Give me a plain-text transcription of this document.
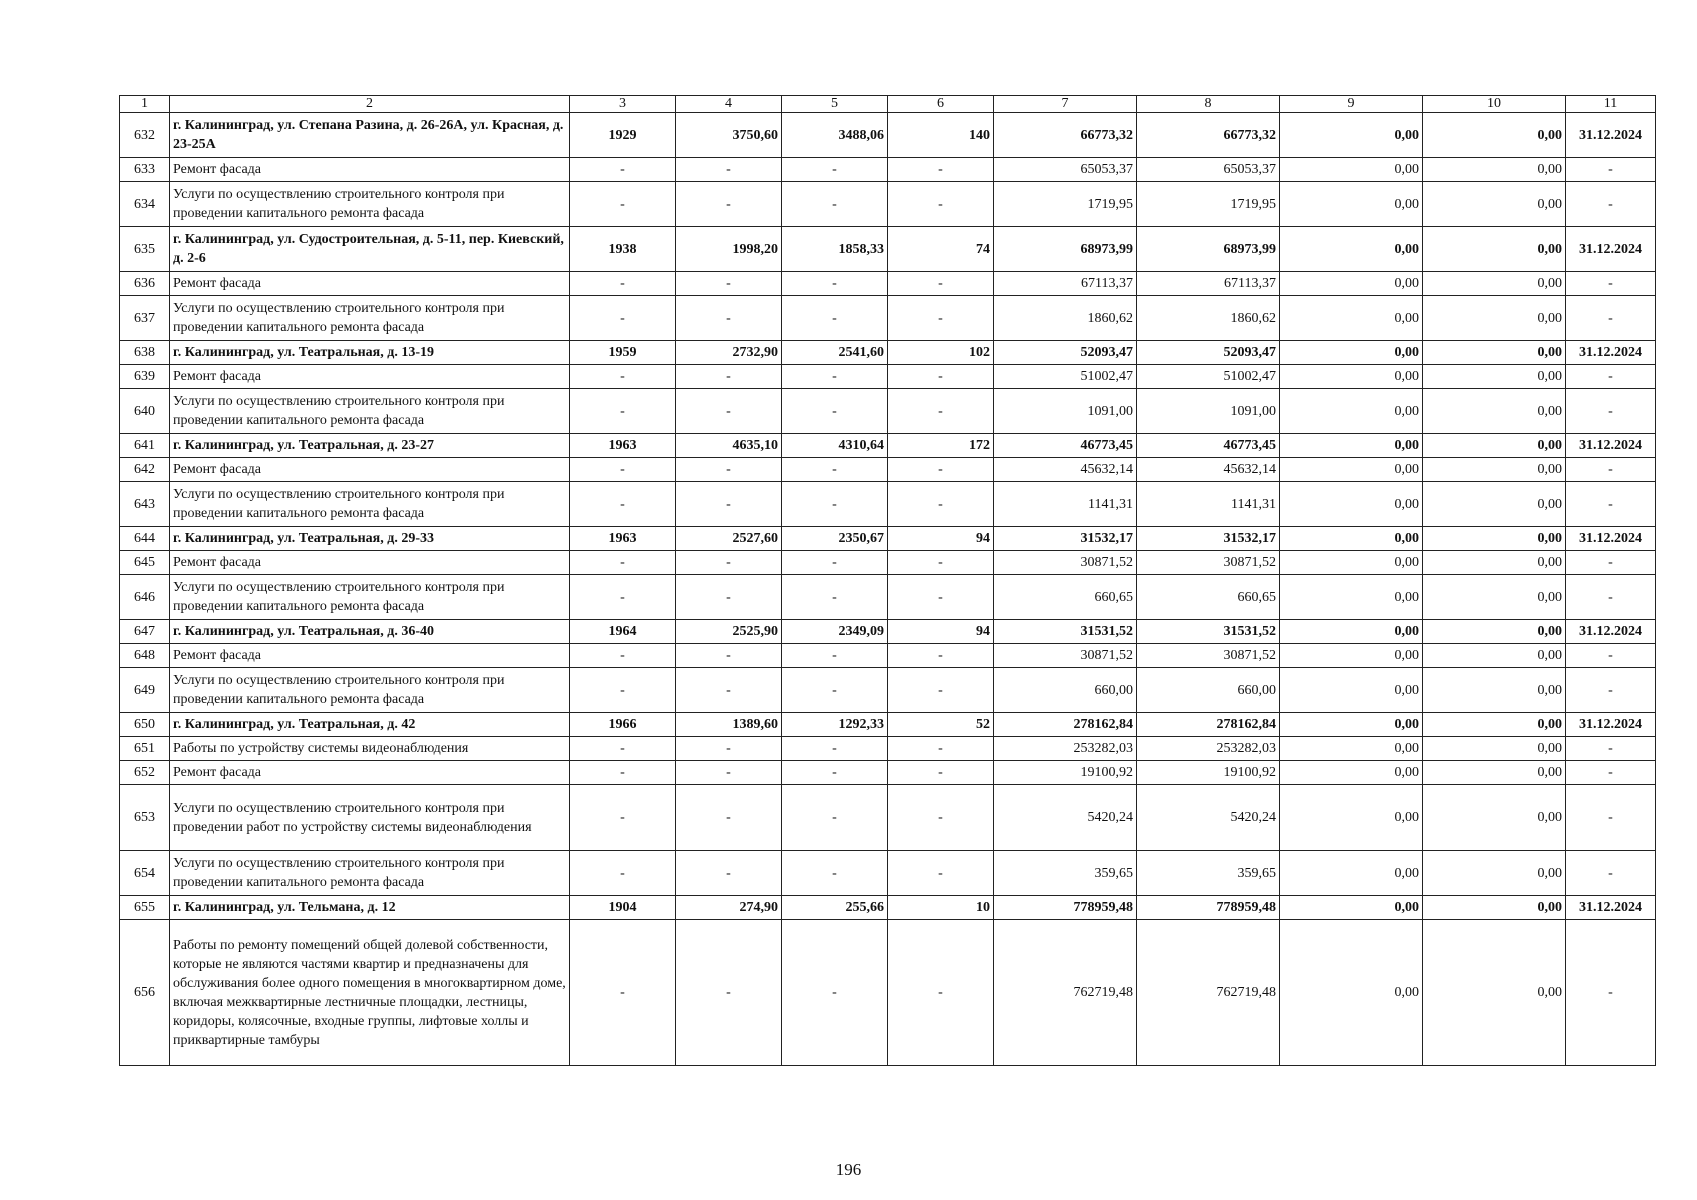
1	2	3	4	5	6	7	8	9	10	11
632	г. Калининград, ул. Степана Разина, д. 26-26А, ул. Красная, д. 23-25А	1929	3750,60	3488,06	140	66773,32	66773,32	0,00	0,00	31.12.2024
633	Ремонт фасада	-	-	-	-	65053,37	65053,37	0,00	0,00	-
634	Услуги по осуществлению строительного контроля при проведении капитального ремонта фасада	-	-	-	-	1719,95	1719,95	0,00	0,00	-
635	г. Калининград, ул. Судостроительная, д. 5-11, пер. Киевский, д. 2-6	1938	1998,20	1858,33	74	68973,99	68973,99	0,00	0,00	31.12.2024
636	Ремонт фасада	-	-	-	-	67113,37	67113,37	0,00	0,00	-
637	Услуги по осуществлению строительного контроля при проведении капитального ремонта фасада	-	-	-	-	1860,62	1860,62	0,00	0,00	-
638	г. Калининград, ул. Театральная, д. 13-19	1959	2732,90	2541,60	102	52093,47	52093,47	0,00	0,00	31.12.2024
639	Ремонт фасада	-	-	-	-	51002,47	51002,47	0,00	0,00	-
640	Услуги по осуществлению строительного контроля при проведении капитального ремонта фасада	-	-	-	-	1091,00	1091,00	0,00	0,00	-
641	г. Калининград, ул. Театральная, д. 23-27	1963	4635,10	4310,64	172	46773,45	46773,45	0,00	0,00	31.12.2024
642	Ремонт фасада	-	-	-	-	45632,14	45632,14	0,00	0,00	-
643	Услуги по осуществлению строительного контроля при проведении капитального ремонта фасада	-	-	-	-	1141,31	1141,31	0,00	0,00	-
644	г. Калининград, ул. Театральная, д. 29-33	1963	2527,60	2350,67	94	31532,17	31532,17	0,00	0,00	31.12.2024
645	Ремонт фасада	-	-	-	-	30871,52	30871,52	0,00	0,00	-
646	Услуги по осуществлению строительного контроля при проведении капитального ремонта фасада	-	-	-	-	660,65	660,65	0,00	0,00	-
647	г. Калининград, ул. Театральная, д. 36-40	1964	2525,90	2349,09	94	31531,52	31531,52	0,00	0,00	31.12.2024
648	Ремонт фасада	-	-	-	-	30871,52	30871,52	0,00	0,00	-
649	Услуги по осуществлению строительного контроля при проведении капитального ремонта фасада	-	-	-	-	660,00	660,00	0,00	0,00	-
650	г. Калининград, ул. Театральная, д. 42	1966	1389,60	1292,33	52	278162,84	278162,84	0,00	0,00	31.12.2024
651	Работы по устройству системы видеонаблюдения	-	-	-	-	253282,03	253282,03	0,00	0,00	-
652	Ремонт фасада	-	-	-	-	19100,92	19100,92	0,00	0,00	-
653	Услуги по осуществлению строительного контроля при проведении работ по устройству системы видеонаблюдения	-	-	-	-	5420,24	5420,24	0,00	0,00	-
654	Услуги по осуществлению строительного контроля при проведении капитального ремонта фасада	-	-	-	-	359,65	359,65	0,00	0,00	-
655	г. Калининград, ул. Тельмана, д. 12	1904	274,90	255,66	10	778959,48	778959,48	0,00	0,00	31.12.2024
656	Работы по ремонту помещений общей долевой собственности, которые не являются частями квартир и предназначены для обслуживания более одного помещения в многоквартирном доме, включая межквартирные лестничные площадки, лестницы, коридоры, колясочные, входные группы, лифтовые холлы и приквартирные тамбуры	-	-	-	-	762719,48	762719,48	0,00	0,00	-
196
